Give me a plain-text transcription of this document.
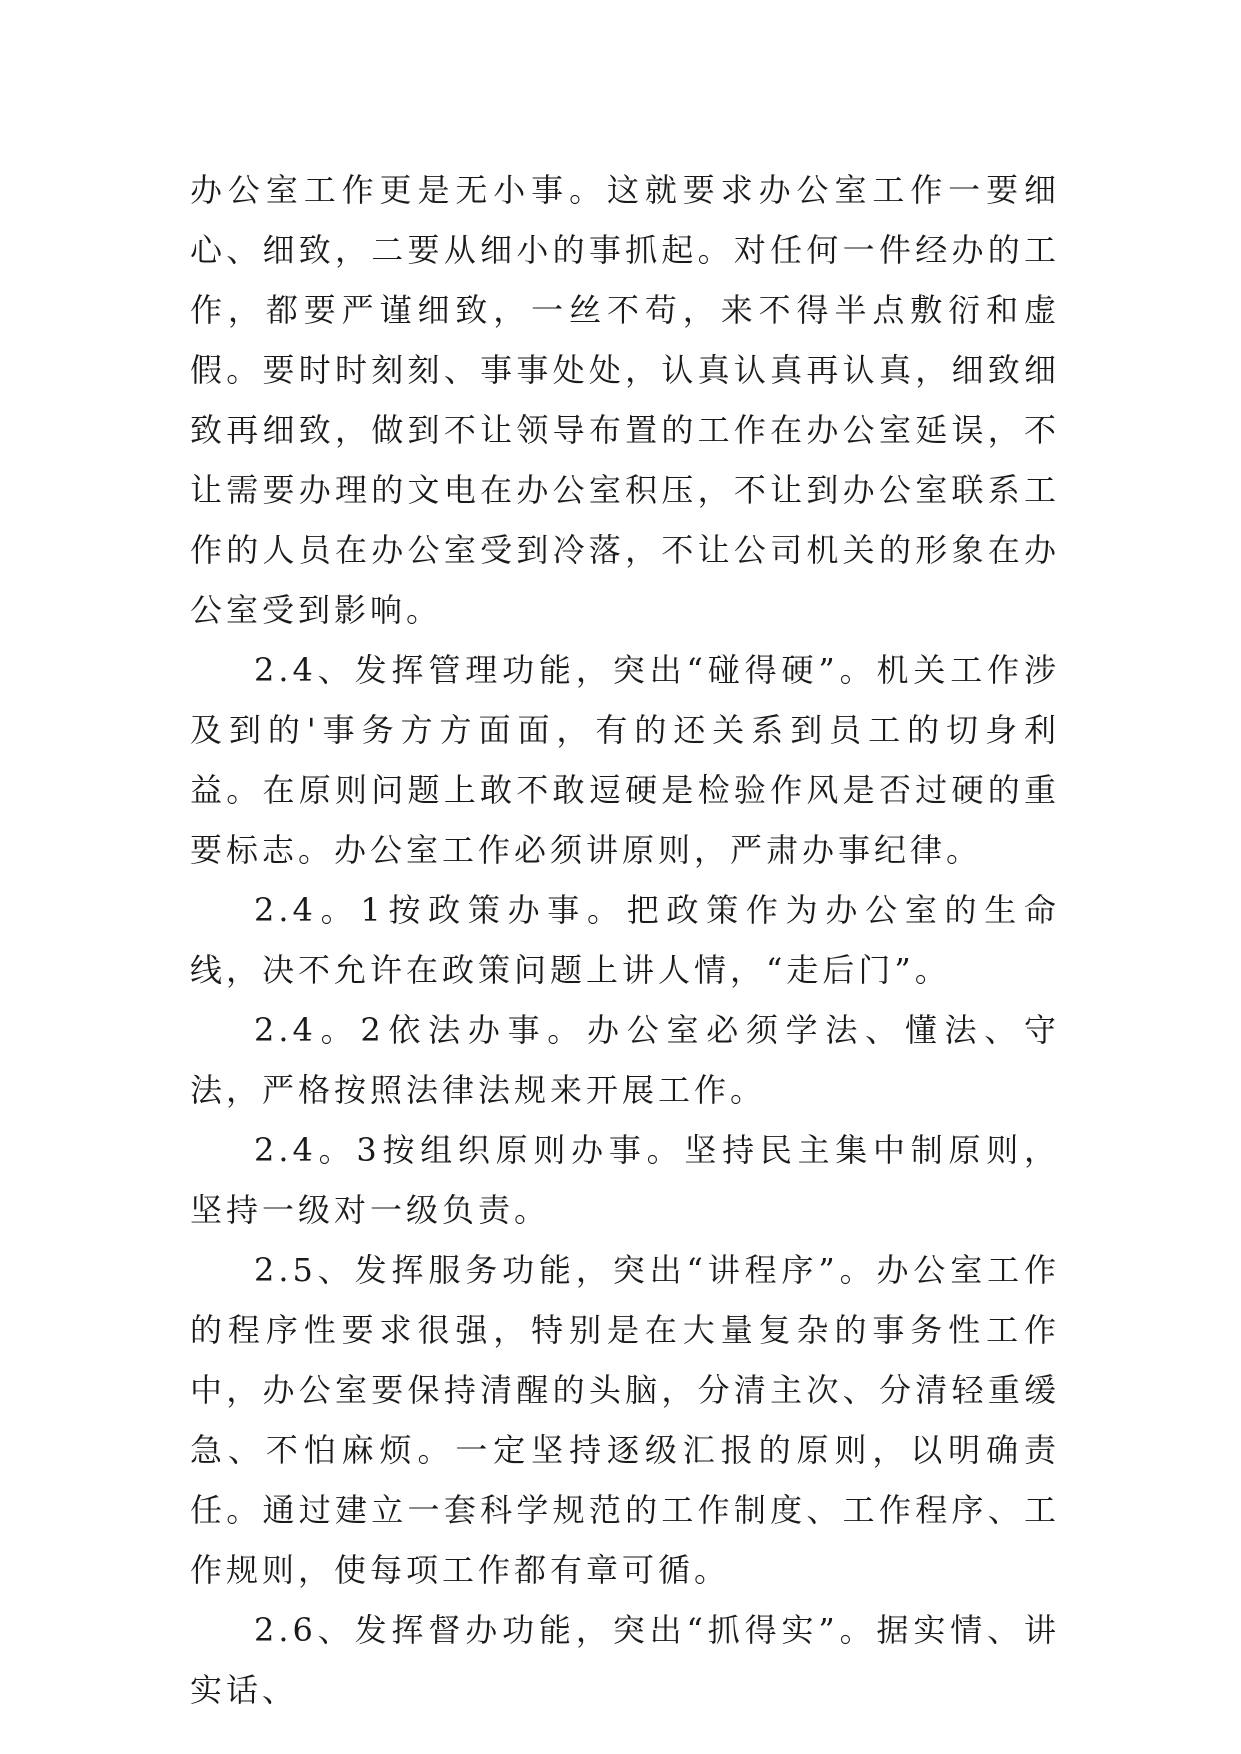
办公室工作更是无小事。这就要求办公室工作一要细心、细致，二要从细小的事抓起。对任何一件经办的工作，都要严谨细致，一丝不苟，来不得半点敷衍和虚假。要时时刻刻、事事处处，认真认真再认真，细致细致再细致，做到不让领导布置的工作在办公室延误，不让需要办理的文电在办公室积压，不让到办公室联系工作的人员在办公室受到冷落，不让公司机关的形象在办公室受到影响。

2.4、发挥管理功能，突出“碰得硬”。机关工作涉及到的'事务方方面面，有的还关系到员工的切身利益。在原则问题上敢不敢逗硬是检验作风是否过硬的重要标志。办公室工作必须讲原则，严肃办事纪律。

2.4。1按政策办事。把政策作为办公室的生命线，决不允许在政策问题上讲人情，“走后门”。

2.4。2依法办事。办公室必须学法、懂法、守法，严格按照法律法规来开展工作。

2.4。3按组织原则办事。坚持民主集中制原则，坚持一级对一级负责。

2.5、发挥服务功能，突出“讲程序”。办公室工作的程序性要求很强，特别是在大量复杂的事务性工作中，办公室要保持清醒的头脑，分清主次、分清轻重缓急、不怕麻烦。一定坚持逐级汇报的原则，以明确责任。通过建立一套科学规范的工作制度、工作程序、工作规则，使每项工作都有章可循。

2.6、发挥督办功能，突出“抓得实”。据实情、讲实话、
